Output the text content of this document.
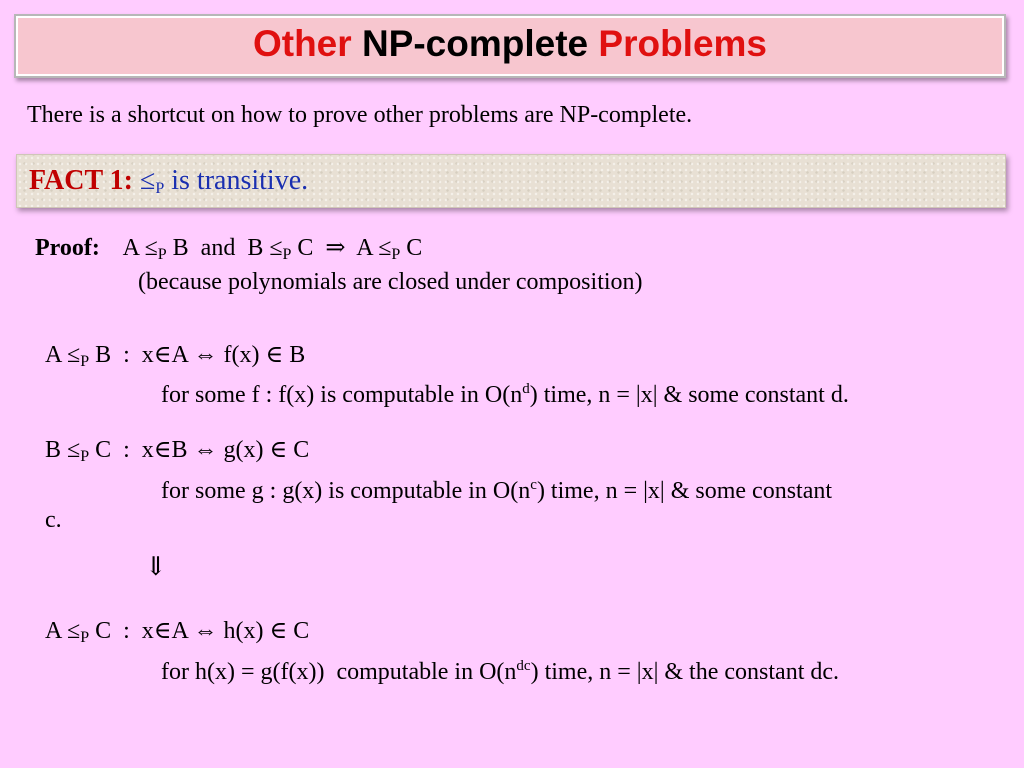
Other NP-complete Problems
There is a shortcut on how to prove other problems are NP-complete.
FACT 1: $\le_P$ is transitive.
Proof: $A \le_P$ B  and  $B \le_P$ C  ⇒  $A \le_P$ C
(because polynomials are closed under composition)
$A \le_P$ B  :  x∈A ⇔ f(x) ∈ B
for some f : f(x) is computable in $O(n^d)$ time, n = |x| & some constant d.
$B \le_P$ C  :  x∈B ⇔ g(x) ∈ C
for some g : g(x) is computable in $O(n^c)$ time, n = |x| & some constant
c.
⇓
$A \le_P$ C  :  x∈A ⇔ h(x) ∈ C
for h(x) = g(f(x))  computable in $O(n^{dc})$ time, n = |x| & the constant dc.
